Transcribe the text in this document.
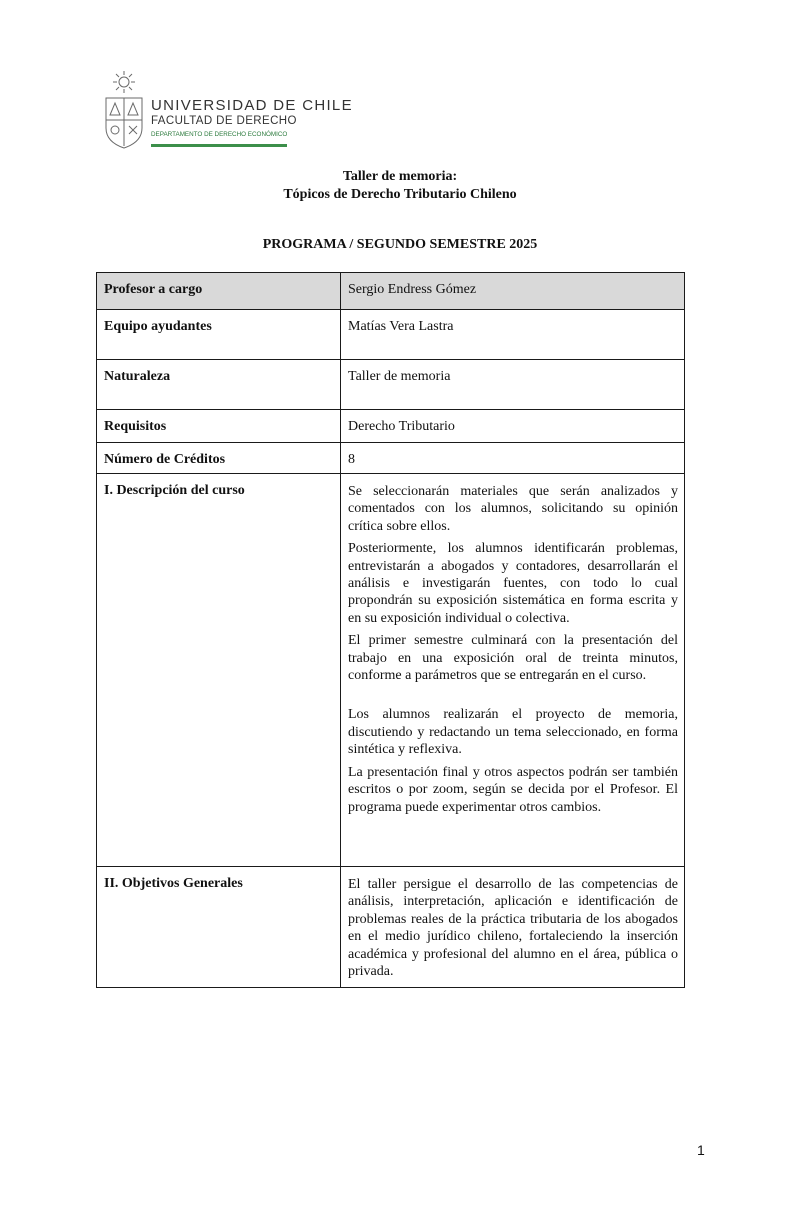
UNIVERSIDAD DE CHILE
FACULTAD DE DERECHO
DEPARTAMENTO DE DERECHO ECONÓMICO
Taller de memoria:
Tópicos de Derecho Tributario Chileno
PROGRAMA / SEGUNDO SEMESTRE 2025
Profesor a cargo	Sergio Endress Gómez
Equipo ayudantes	Matías Vera Lastra
Naturaleza	Taller de memoria
Requisitos	Derecho Tributario
Número de Créditos	8
I. Descripción del curso	Se seleccionarán materiales que serán analizados y comentados con los alumnos, solicitando su opinión crítica sobre ellos.

Posteriormente, los alumnos identificarán problemas, entrevistarán a abogados y contadores, desarrollarán el análisis e investigarán fuentes, con todo lo cual propondrán su exposición sistemática en forma escrita y en su exposición individual o colectiva.

El primer semestre culminará con la presentación del trabajo en una exposición oral de treinta minutos, conforme a parámetros que se entregarán en el curso.

Los alumnos realizarán el proyecto de memoria, discutiendo y redactando un tema seleccionado, en forma sintética y reflexiva.

La presentación final y otros aspectos podrán ser también escritos o por zoom, según se decida por el Profesor. El programa puede experimentar otros cambios.

II. Objetivos Generales	El taller persigue el desarrollo de las competencias de análisis, interpretación, aplicación e identificación de problemas reales de la práctica tributaria de los abogados en el medio jurídico chileno, fortaleciendo la inserción académica y profesional del alumno en el área, pública o privada.

1
